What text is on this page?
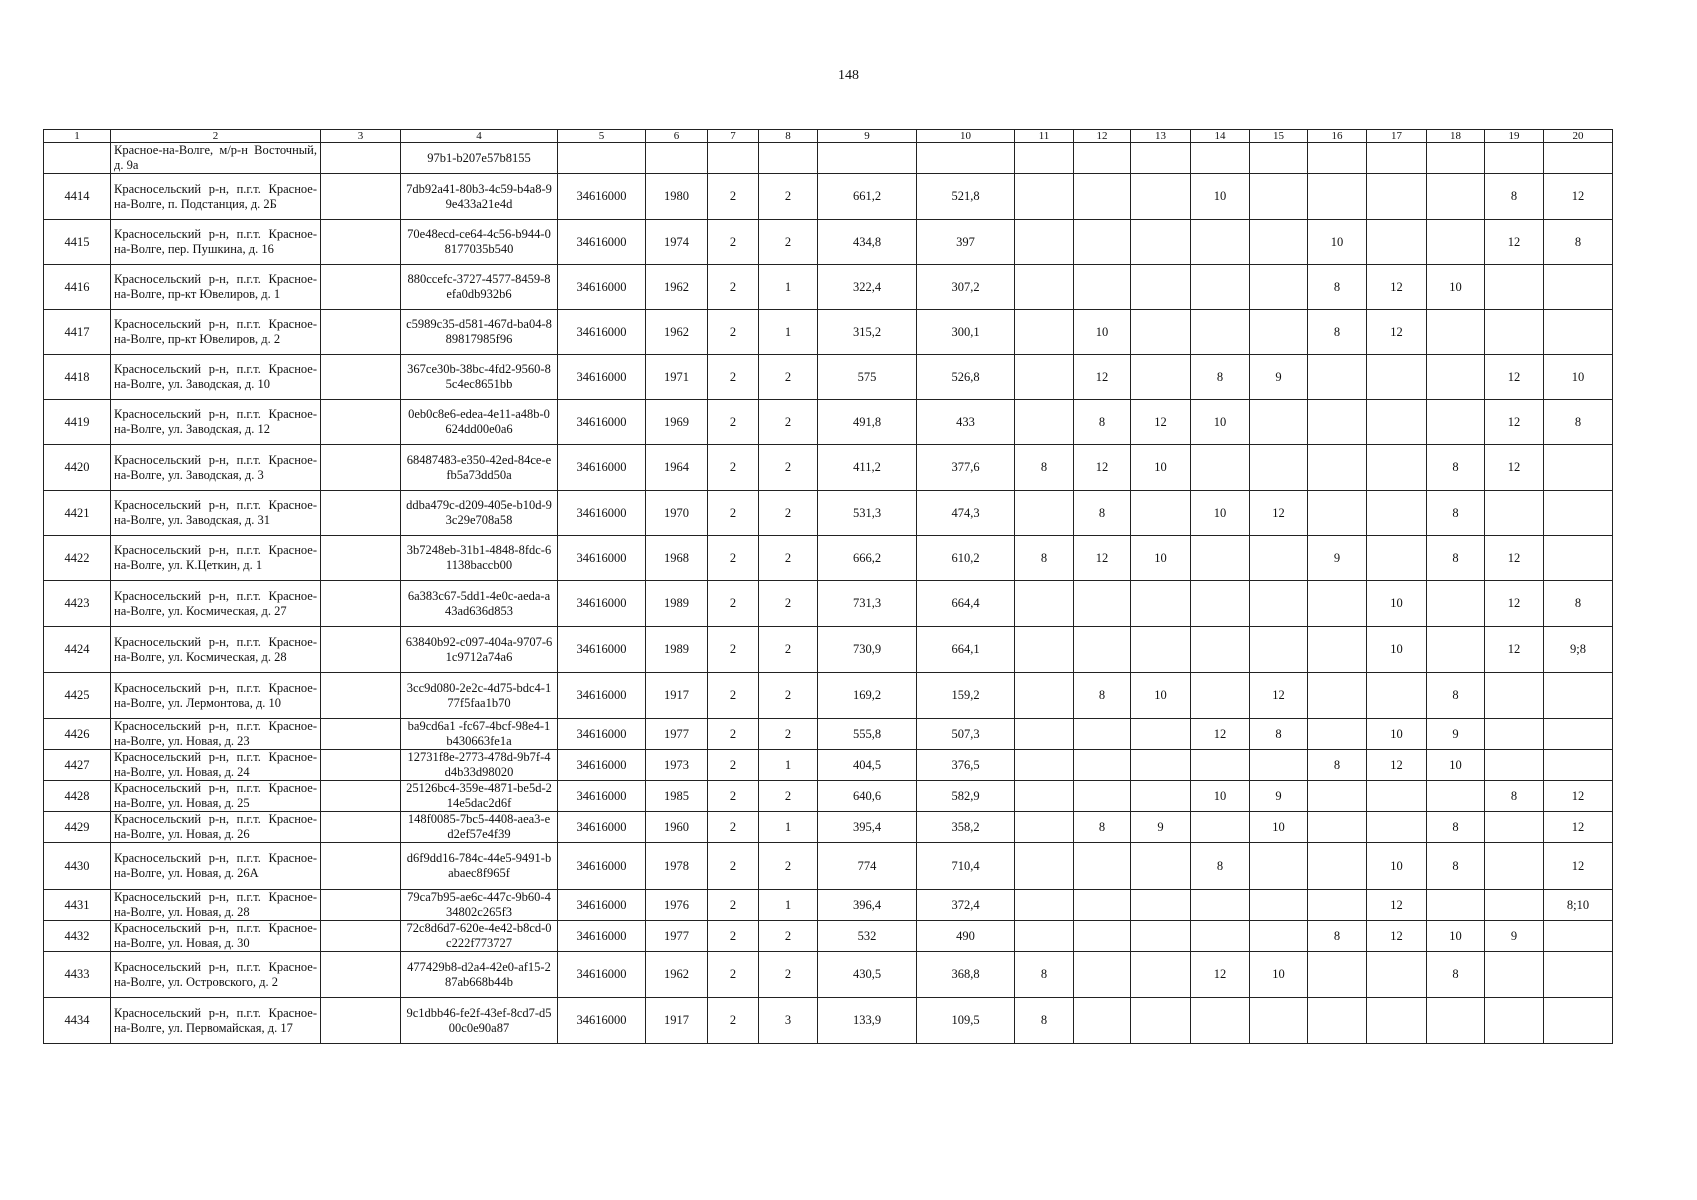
148
1	2	3	4	5	6	7	8	9	10	11	12	13	14	15	16	17	18	19	20
	Красное-на-Волге, м/р-н Восточный, д. 9а		97b1-b207e57b8155																
4414	Красносельский р-н, п.г.т. Красное-на-Волге, п. Подстанция, д. 2Б		7db92a41-80b3-4c59-b4a8-99e433a21e4d	34616000	1980	2	2	661,2	521,8				10					8	12
4415	Красносельский р-н, п.г.т. Красное-на-Волге, пер. Пушкина, д. 16		70e48ecd-ce64-4c56-b944-08177035b540	34616000	1974	2	2	434,8	397						10			12	8
4416	Красносельский р-н, п.г.т. Красное-на-Волге, пр-кт Ювелиров, д. 1		880ccefc-3727-4577-8459-8efa0db932b6	34616000	1962	2	1	322,4	307,2						8	12	10		
4417	Красносельский р-н, п.г.т. Красное-на-Волге, пр-кт Ювелиров, д. 2		c5989c35-d581-467d-ba04-889817985f96	34616000	1962	2	1	315,2	300,1		10				8	12			
4418	Красносельский р-н, п.г.т. Красное-на-Волге, ул. Заводская, д. 10		367ce30b-38bc-4fd2-9560-85c4ec8651bb	34616000	1971	2	2	575	526,8		12		8	9				12	10
4419	Красносельский р-н, п.г.т. Красное-на-Волге, ул. Заводская, д. 12		0eb0c8e6-edea-4e11-a48b-0624dd00e0a6	34616000	1969	2	2	491,8	433		8	12	10					12	8
4420	Красносельский р-н, п.г.т. Красное-на-Волге, ул. Заводская, д. 3		68487483-e350-42ed-84ce-efb5a73dd50a	34616000	1964	2	2	411,2	377,6	8	12	10					8	12	
4421	Красносельский р-н, п.г.т. Красное-на-Волге, ул. Заводская, д. 31		ddba479c-d209-405e-b10d-93c29e708a58	34616000	1970	2	2	531,3	474,3		8		10	12			8		
4422	Красносельский р-н, п.г.т. Красное-на-Волге, ул. К.Цеткин, д. 1		3b7248eb-31b1-4848-8fdc-61138baccb00	34616000	1968	2	2	666,2	610,2	8	12	10			9		8	12	
4423	Красносельский р-н, п.г.т. Красное-на-Волге, ул. Космическая, д. 27		6a383c67-5dd1-4e0c-aeda-a43ad636d853	34616000	1989	2	2	731,3	664,4							10		12	8
4424	Красносельский р-н, п.г.т. Красное-на-Волге, ул. Космическая, д. 28		63840b92-c097-404a-9707-61c9712a74a6	34616000	1989	2	2	730,9	664,1							10		12	9;8
4425	Красносельский р-н, п.г.т. Красное-на-Волге, ул. Лермонтова, д. 10		3cc9d080-2e2c-4d75-bdc4-177f5faa1b70	34616000	1917	2	2	169,2	159,2		8	10		12			8		
4426	Красносельский р-н, п.г.т. Красное-на-Волге, ул. Новая, д. 23		ba9cd6a1 -fc67-4bcf-98e4-1b430663fe1a	34616000	1977	2	2	555,8	507,3				12	8		10	9		
4427	Красносельский р-н, п.г.т. Красное-на-Волге, ул. Новая, д. 24		12731f8e-2773-478d-9b7f-4d4b33d98020	34616000	1973	2	1	404,5	376,5						8	12	10		
4428	Красносельский р-н, п.г.т. Красное-на-Волге, ул. Новая, д. 25		25126bc4-359e-4871-be5d-214e5dac2d6f	34616000	1985	2	2	640,6	582,9				10	9				8	12
4429	Красносельский р-н, п.г.т. Красное-на-Волге, ул. Новая, д. 26		148f0085-7bc5-4408-aea3-ed2ef57e4f39	34616000	1960	2	1	395,4	358,2		8	9		10			8		12
4430	Красносельский р-н, п.г.т. Красное-на-Волге, ул. Новая, д. 26А		d6f9dd16-784c-44e5-9491-babaec8f965f	34616000	1978	2	2	774	710,4				8			10	8		12
4431	Красносельский р-н, п.г.т. Красное-на-Волге, ул. Новая, д. 28		79ca7b95-ae6c-447c-9b60-434802c265f3	34616000	1976	2	1	396,4	372,4							12			8;10
4432	Красносельский р-н, п.г.т. Красное-на-Волге, ул. Новая, д. 30		72c8d6d7-620e-4e42-b8cd-0c222f773727	34616000	1977	2	2	532	490						8	12	10	9	
4433	Красносельский р-н, п.г.т. Красное-на-Волге, ул. Островского, д. 2		477429b8-d2a4-42e0-af15-287ab668b44b	34616000	1962	2	2	430,5	368,8	8			12	10			8		
4434	Красносельский р-н, п.г.т. Красное-на-Волге, ул. Первомайская, д. 17		9c1dbb46-fe2f-43ef-8cd7-d500c0e90a87	34616000	1917	2	3	133,9	109,5	8									
